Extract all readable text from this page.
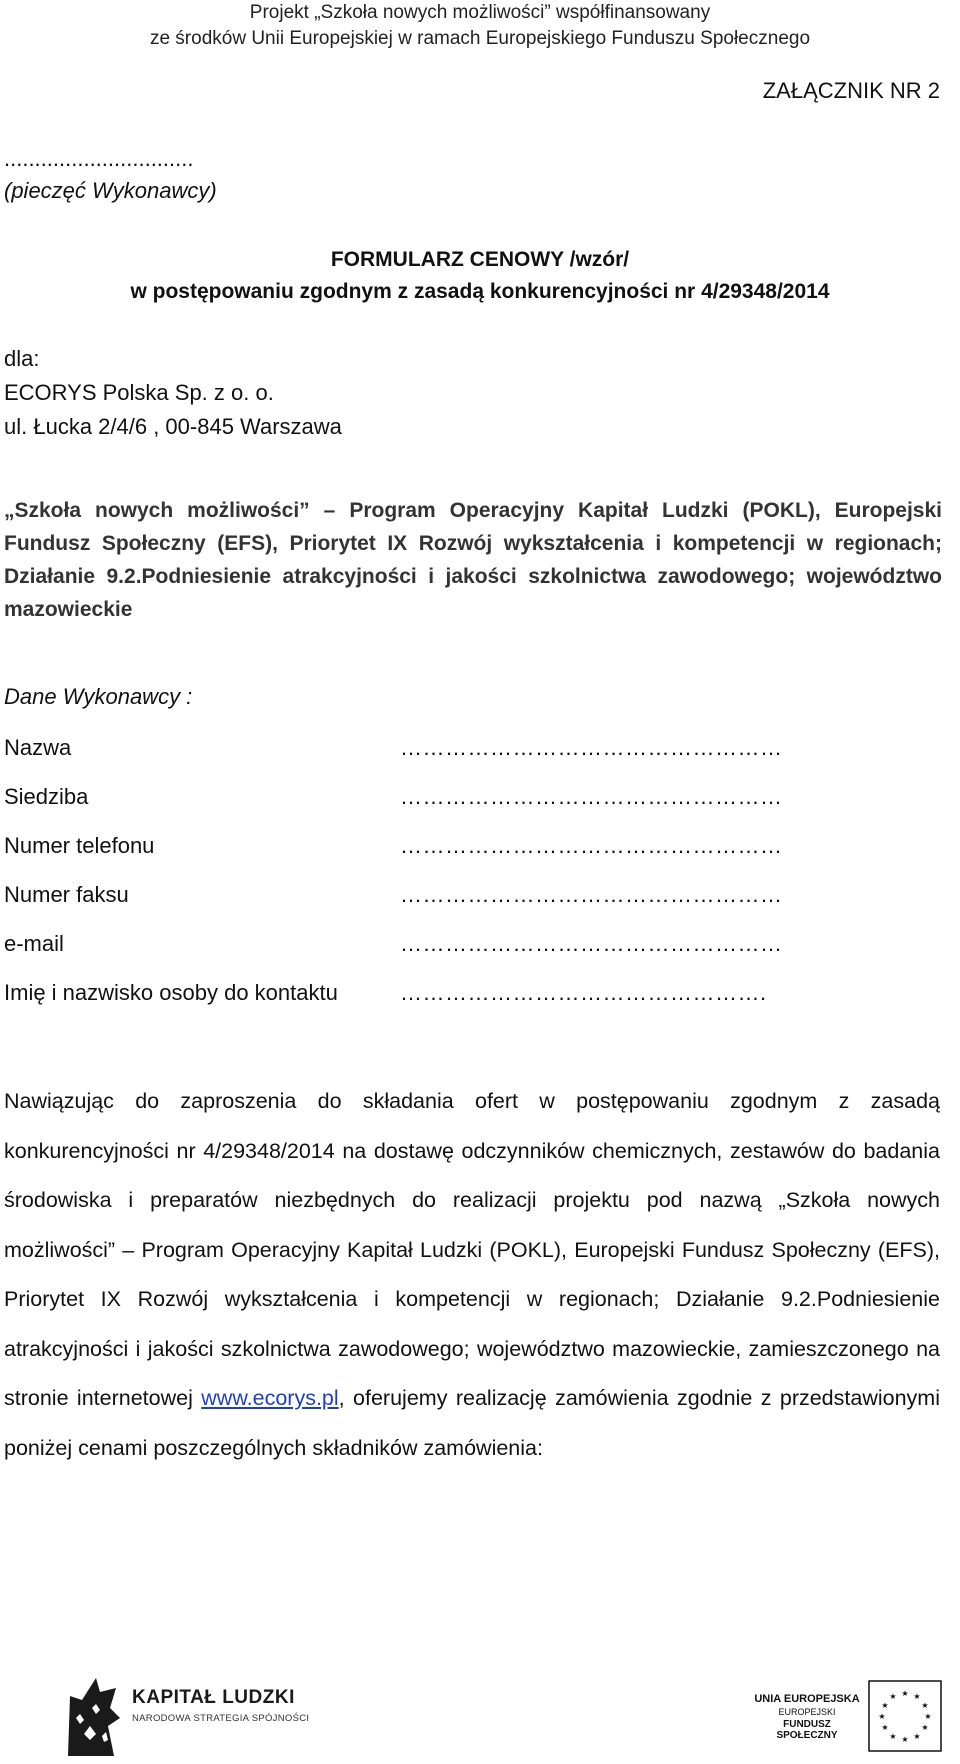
Projekt „Szkoła nowych możliwości” współfinansowany
ze środków Unii Europejskiej w ramach Europejskiego Funduszu Społecznego
ZAŁĄCZNIK NR 2
...............................
(pieczęć Wykonawcy)
FORMULARZ CENOWY /wzór/
w postępowaniu zgodnym z zasadą konkurencyjności nr 4/29348/2014
dla:
ECORYS Polska Sp. z o. o.
ul. Łucka 2/4/6 , 00-845 Warszawa
„Szkoła nowych możliwości” – Program Operacyjny Kapitał Ludzki (POKL), Europejski Fundusz Społeczny (EFS), Priorytet IX Rozwój wykształcenia i kompetencji w regionach; Działanie 9.2.Podniesienie atrakcyjności i jakości szkolnictwa zawodowego; województwo mazowieckie
Dane Wykonawcy :
Nazwa	……………………………………………
Siedziba	……………………………………………
Numer telefonu	……………………………………………
Numer faksu	……………………………………………
e-mail	……………………………………………
Imię i nazwisko osoby do kontaktu	………………………………………….
Nawiązując do zaproszenia do składania ofert w postępowaniu zgodnym z zasadą konkurencyjności nr 4/29348/2014 na dostawę odczynników chemicznych, zestawów do badania środowiska i preparatów niezbędnych do realizacji projektu pod nazwą „Szkoła nowych możliwości” – Program Operacyjny Kapitał Ludzki (POKL), Europejski Fundusz Społeczny (EFS), Priorytet IX Rozwój wykształcenia i kompetencji w regionach; Działanie 9.2.Podniesienie atrakcyjności i jakości szkolnictwa zawodowego; województwo mazowieckie, zamieszczonego na stronie internetowej www.ecorys.pl, oferujemy realizację zamówienia zgodnie z przedstawionymi poniżej cenami poszczególnych składników zamówienia:
KAPITAŁ LUDZKI
NARODOWA STRATEGIA SPÓJNOŚCI
UNIA EUROPEJSKA
EUROPEJSKI
FUNDUSZ SPOŁECZNY
★ ★
★
★
★
★
★
★
★
★
★
★
